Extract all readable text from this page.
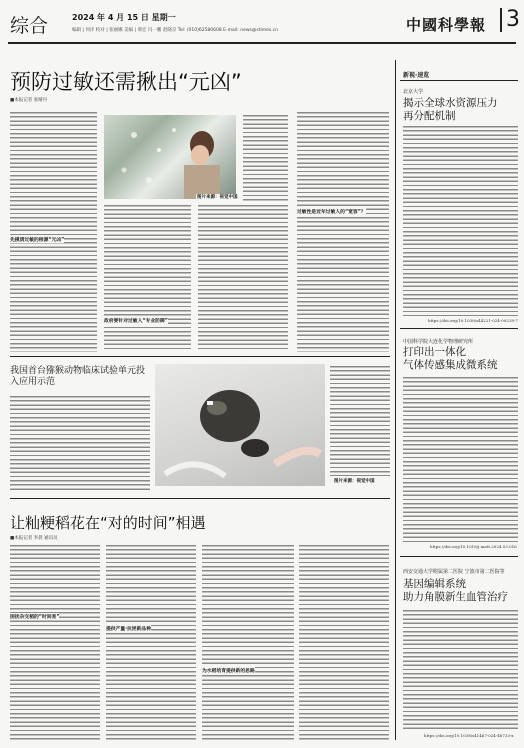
综合	2024 年 4 月 15 日 星期一
编辑 | 何洋 校对 | 张丽娜 美编 | 邢宏 闫一鹏 赵晓京 Tel: (010)62580608 E-mail: news@stimes.cn	中國科學報 3
预防过敏还需揪出“元凶”
■本报记者 张晴丹
先摸清过敏的根源“元凶”
图片来源：视觉中国
政府要针对过敏人“专业防御”
过敏性是近年过敏人的“宽容”？
我国首台猕猴动物临床试验单元投入应用示范
图片来源：视觉中国
让籼粳稻花在“对的时间”相遇
■本报记者 李晨 通讯员
困扰杂交稻的“时间差”
提供产量·抗逆新品种
为水稻培育提供新的思路
新视·速览
北京大学
揭示全球水资源压力
再分配机制
https://doi.org/10.1038/s44221-024-00228-7
中国科学院大连化学物理研究所
打印出一体化
气体传感集成微系统
https://doi.org/10.1016/j.matt.2024.03.016
西安交通大学附属第二医院 宁波市第二医院等
基因编辑系统
助力角膜新生血管治疗
https://doi.org/10.1038/s41467-024-46733-x
